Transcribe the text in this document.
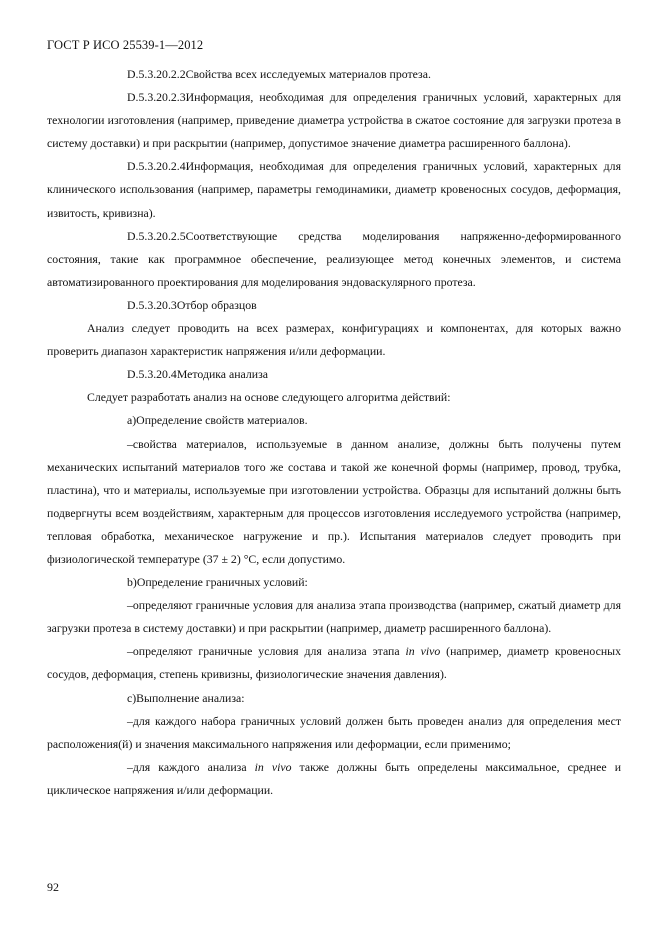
ГОСТ Р ИСО 25539-1—2012

D.5.3.20.2.2Свойства всех исследуемых материалов протеза.

D.5.3.20.2.3Информация, необходимая для определения граничных условий, характерных для технологии изготовления (например, приведение диаметра устройства в сжатое состояние для загрузки протеза в систему доставки) и при раскрытии (например, допустимое значение диаметра расширенного баллона).

D.5.3.20.2.4Информация, необходимая для определения граничных условий, характерных для клинического использования (например, параметры гемодинамики, диаметр кровеносных сосудов, деформация, извитость, кривизна).

D.5.3.20.2.5Соответствующие средства моделирования напряженно-деформированного состояния, такие как программное обеспечение, реализующее метод конечных элементов, и система автоматизированного проектирования для моделирования эндоваскулярного протеза.

D.5.3.20.3Отбор образцов

Анализ следует проводить на всех размерах, конфигурациях и компонентах, для которых важно проверить диапазон характеристик напряжения и/или деформации.

D.5.3.20.4Методика анализа

Следует разработать анализ на основе следующего алгоритма действий:

a)Определение свойств материалов.

–свойства материалов, используемые в данном анализе, должны быть получены путем механических испытаний материалов того же состава и такой же конечной формы (например, провод, трубка, пластина), что и материалы, используемые при изготовлении устройства. Образцы для испытаний должны быть подвергнуты всем воздействиям, характерным для процессов изготовления исследуемого устройства (например, тепловая обработка, механическое нагружение и пр.). Испытания материалов следует проводить при физиологической температуре (37 ± 2) °С, если допустимо.

b)Определение граничных условий:

–определяют граничные условия для анализа этапа производства (например, сжатый диаметр для загрузки протеза в систему доставки) и при раскрытии (например, диаметр расширенного баллона).

–определяют граничные условия для анализа этапа in vivo (например, диаметр кровеносных сосудов, деформация, степень кривизны, физиологические значения давления).

c)Выполнение анализа:

–для каждого набора граничных условий должен быть проведен анализ для определения мест расположения(й) и значения максимального напряжения или деформации, если применимо;

–для каждого анализа in vivo также должны быть определены максимальное, среднее и циклическое напряжения и/или деформации.

92
